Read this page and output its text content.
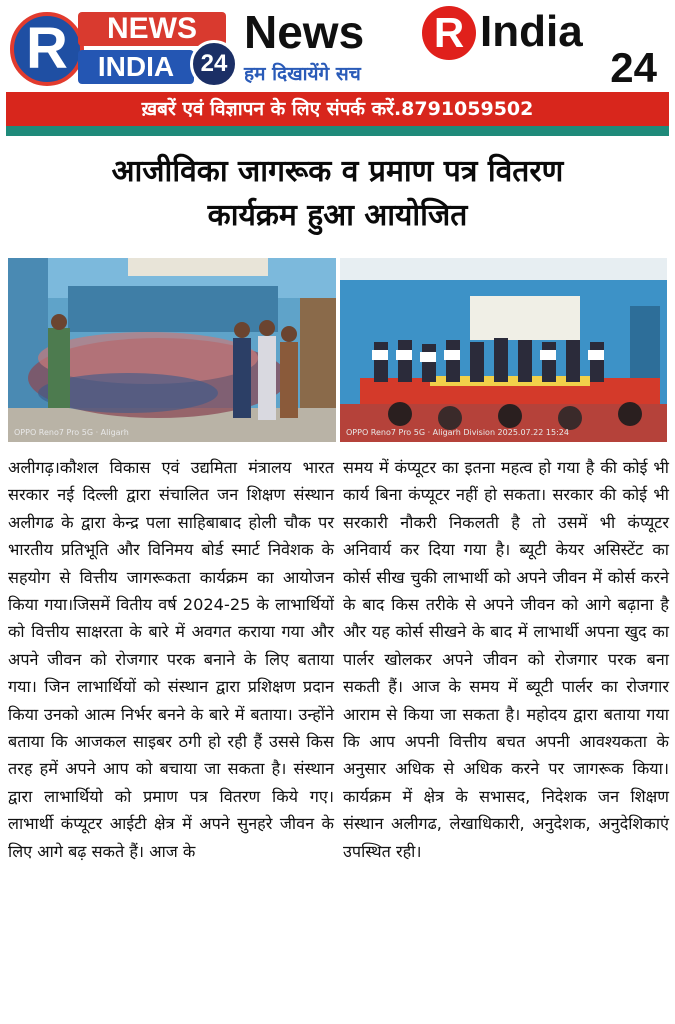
R	NEWS
INDIA	24
News R India
हम दिखायेंगे सच	24
ख़बरें एवं विज्ञापन के लिए संपर्क करें.8791059502
आजीविका जागरूक व प्रमाण पत्र वितरण
कार्यक्रम हुआ आयोजित
OPPO Reno7 Pro 5G · Aligarh	OPPO Reno7 Pro 5G · Aligarh Division 2025.07.22 15:24
अलीगढ़।कौशल विकास एवं उद्यमिता मंत्रालय भारत सरकार नई दिल्ली द्वारा संचालित जन शिक्षण संस्थान अलीगढ के द्वारा केन्द्र पला साहिबाबाद होली चौक पर भारतीय प्रतिभूति और विनिमय बोर्ड स्मार्ट निवेशक के सहयोग से वित्तीय जागरूकता कार्यक्रम का आयोजन किया गया।जिसमें वितीय वर्ष 2024-25 के लाभार्थियों को वित्तीय साक्षरता के बारे में अवगत कराया गया और अपने जीवन को रोजगार परक बनाने के लिए बताया गया। जिन लाभार्थियों को संस्थान द्वारा प्रशिक्षण प्रदान किया उनको आत्म निर्भर बनने के बारे में बताया। उन्होंने बताया कि आजकल साइबर ठगी हो रही हैं उससे किस तरह हमें अपने आप को बचाया जा सकता है। संस्थान द्वारा लाभार्थियो को प्रमाण पत्र वितरण किये गए। लाभार्थी कंप्यूटर आईटी क्षेत्र में अपने सुनहरे जीवन के लिए आगे बढ़ सकते हैं। आज के
समय में कंप्यूटर का इतना महत्व हो गया है की कोई भी कार्य बिना कंप्यूटर नहीं हो सकता। सरकार की कोई भी सरकारी नौकरी निकलती है तो उसमें भी कंप्यूटर अनिवार्य कर दिया गया है। ब्यूटी केयर असिस्टेंट का कोर्स सीख चुकी लाभार्थी को अपने जीवन में कोर्स करने के बाद किस तरीके से अपने जीवन को आगे बढ़ाना है और यह कोर्स सीखने के बाद में लाभार्थी अपना खुद का पार्लर खोलकर अपने जीवन को रोजगार परक बना सकती हैं। आज के समय में ब्यूटी पार्लर का रोजगार आराम से किया जा सकता है। महोदय द्वारा बताया गया कि आप अपनी वित्तीय बचत अपनी आवश्यकता के अनुसार अधिक से अधिक करने पर जागरूक किया। कार्यक्रम में क्षेत्र के सभासद, निदेशक जन शिक्षण संस्थान अलीगढ, लेखाधिकारी, अनुदेशक, अनुदेशिकाएं उपस्थित रही।
